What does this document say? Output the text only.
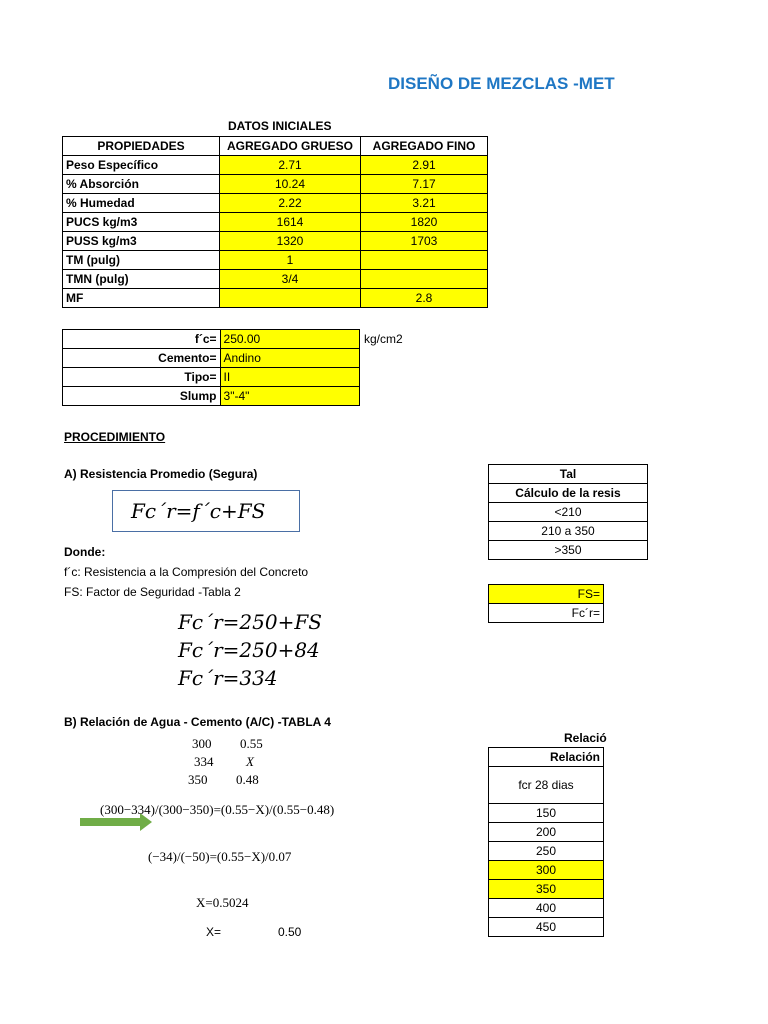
DISEÑO DE MEZCLAS -MET
DATOS INICIALES
PROPIEDADES	AGREGADO GRUESO	AGREGADO FINO
Peso Específico	2.71	2.91
% Absorción	10.24	7.17
% Humedad	2.22	3.21
PUCS kg/m3	1614	1820
PUSS kg/m3	1320	1703
TM (pulg)	1	
TMN (pulg)	3/4	
MF		2.8
f´c=	250.00
Cemento=	Andino
Tipo=	II
Slump	3"-4"
kg/cm2
PROCEDIMIENTO
A) Resistencia Promedio (Segura)
Fc´r=f´c+FS
Donde:
f´c: Resistencia a la Compresión del Concreto
FS: Factor de Seguridad -Tabla 2
Fc´r=250+FS
Fc´r=250+84
Fc´r=334
Tal
Cálculo de la resis
<210
210 a 350
>350
FS=
Fc´r=
B) Relación de Agua - Cemento (A/C) -TABLA 4
300 0.55
334	X
350 0.48
(300−334)/(300−350)=(0.55−X)/(0.55−0.48)
(−34)/(−50)=(0.55−X)/0.07
X=0.5024
X=	0.50
Relació
Relación
fcr 28 dias
150
200
250
300
350
400
450
